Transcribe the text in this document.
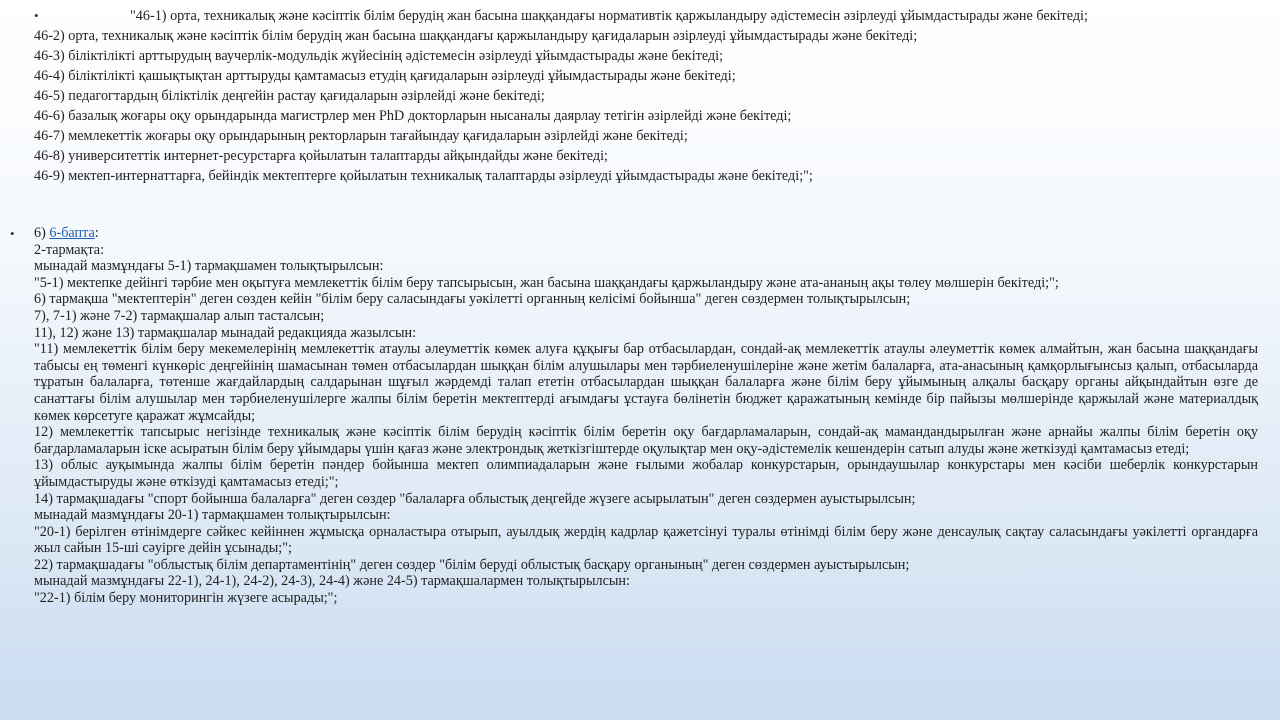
•	"46-1) орта, техникалық және кәсіптік білім берудің жан басына шаққандағы нормативтік қаржыландыру әдістемесін әзірлеуді ұйымдастырады және бекітеді;
46-2) орта, техникалық және кәсіптік білім берудің жан басына шаққандағы қаржыландыру қағидаларын әзірлеуді ұйымдастырады және бекітеді;
46-3) біліктілікті арттырудың ваучерлік-модульдік жүйесінің әдістемесін әзірлеуді ұйымдастырады және бекітеді;
46-4) біліктілікті қашықтықтан арттыруды қамтамасыз етудің қағидаларын әзірлеуді ұйымдастырады және бекітеді;
46-5) педагогтардың біліктілік деңгейін растау қағидаларын әзірлейді және бекітеді;
46-6) базалық жоғары оқу орындарында магистрлер мен PhD докторларын нысаналы даярлау тетігін әзірлейді және бекітеді;
46-7) мемлекеттік жоғары оқу орындарының ректорларын тағайындау қағидаларын әзірлейді және бекітеді;
46-8) университеттік интернет-ресурстарға қойылатын талаптарды айқындайды және бекітеді;
46-9) мектеп-интернаттарға, бейіндік мектептерге қойылатын техникалық талаптарды әзірлеуді ұйымдастырады және бекітеді;";
• 6) 6-бапта:
2-тармақта:
мынадай мазмұндағы 5-1) тармақшамен толықтырылсын:
"5-1) мектепке дейінгі тәрбие мен оқытуға мемлекеттік білім беру тапсырысын, жан басына шаққандағы қаржыландыру және ата-ананың ақы төлеу мөлшерін бекітеді;";
6) тармақша "мектептерін" деген сөзден кейін "білім беру саласындағы уәкілетті органның келісімі бойынша" деген сөздермен толықтырылсын;
7), 7-1) және 7-2) тармақшалар алып тасталсын;
11), 12) және 13) тармақшалар мынадай редакцияда жазылсын:
"11) мемлекеттік білім беру мекемелерінің мемлекеттік атаулы әлеуметтік көмек алуға құқығы бар отбасылардан, сондай-ақ мемлекеттік атаулы әлеуметтік көмек алмайтын, жан басына шаққандағы табысы ең төменгі күнкөріс деңгейінің шамасынан төмен отбасылардан шыққан білім алушылары мен тәрбиеленушілеріне және жетім балаларға, ата-анасының қамқорлығынсыз қалып, отбасыларда тұратын балаларға, төтенше жағдайлардың салдарынан шұғыл жәрдемді талап ететін отбасылардан шыққан балаларға және білім беру ұйымының алқалы басқару органы айқындайтын өзге де санаттағы білім алушылар мен тәрбиеленушілерге жалпы білім беретін мектептерді ағымдағы ұстауға бөлінетін бюджет қаражатының кемінде бір пайызы мөлшерінде қаржылай және материалдық көмек көрсетуге қаражат жұмсайды;
12) мемлекеттік тапсырыс негізінде техникалық және кәсіптік білім берудің кәсіптік білім беретін оқу бағдарламаларын, сондай-ақ мамандандырылған және арнайы жалпы білім беретін оқу бағдарламаларын іске асыратын білім беру ұйымдары үшін қағаз және электрондық жеткізгіштерде оқулықтар мен оқу-әдістемелік кешендерін сатып алуды және жеткізуді қамтамасыз етеді;
13) облыс ауқымында жалпы білім беретін пәндер бойынша мектеп олимпиадаларын және ғылыми жобалар конкурстарын, орындаушылар конкурстары мен кәсіби шеберлік конкурстарын ұйымдастыруды және өткізуді қамтамасыз етеді;";
14) тармақшадағы "спорт бойынша балаларға" деген сөздер "балаларға облыстық деңгейде жүзеге асырылатын" деген сөздермен ауыстырылсын;
мынадай мазмұндағы 20-1) тармақшамен толықтырылсын:
"20-1) берілген өтінімдерге сәйкес кейіннен жұмысқа орналастыра отырып, ауылдық жердің кадрлар қажетсінуі туралы өтінімді білім беру және денсаулық сақтау саласындағы уәкілетті органдарға жыл сайын 15-ші сәуірге дейін ұсынады;";
22) тармақшадағы "облыстық білім департаментінің" деген сөздер "білім беруді облыстық басқару органының" деген сөздермен ауыстырылсын;
мынадай мазмұндағы 22-1), 24-1), 24-2), 24-3), 24-4) және 24-5) тармақшалармен толықтырылсын:
"22-1) білім беру мониторингін жүзеге асырады;";
